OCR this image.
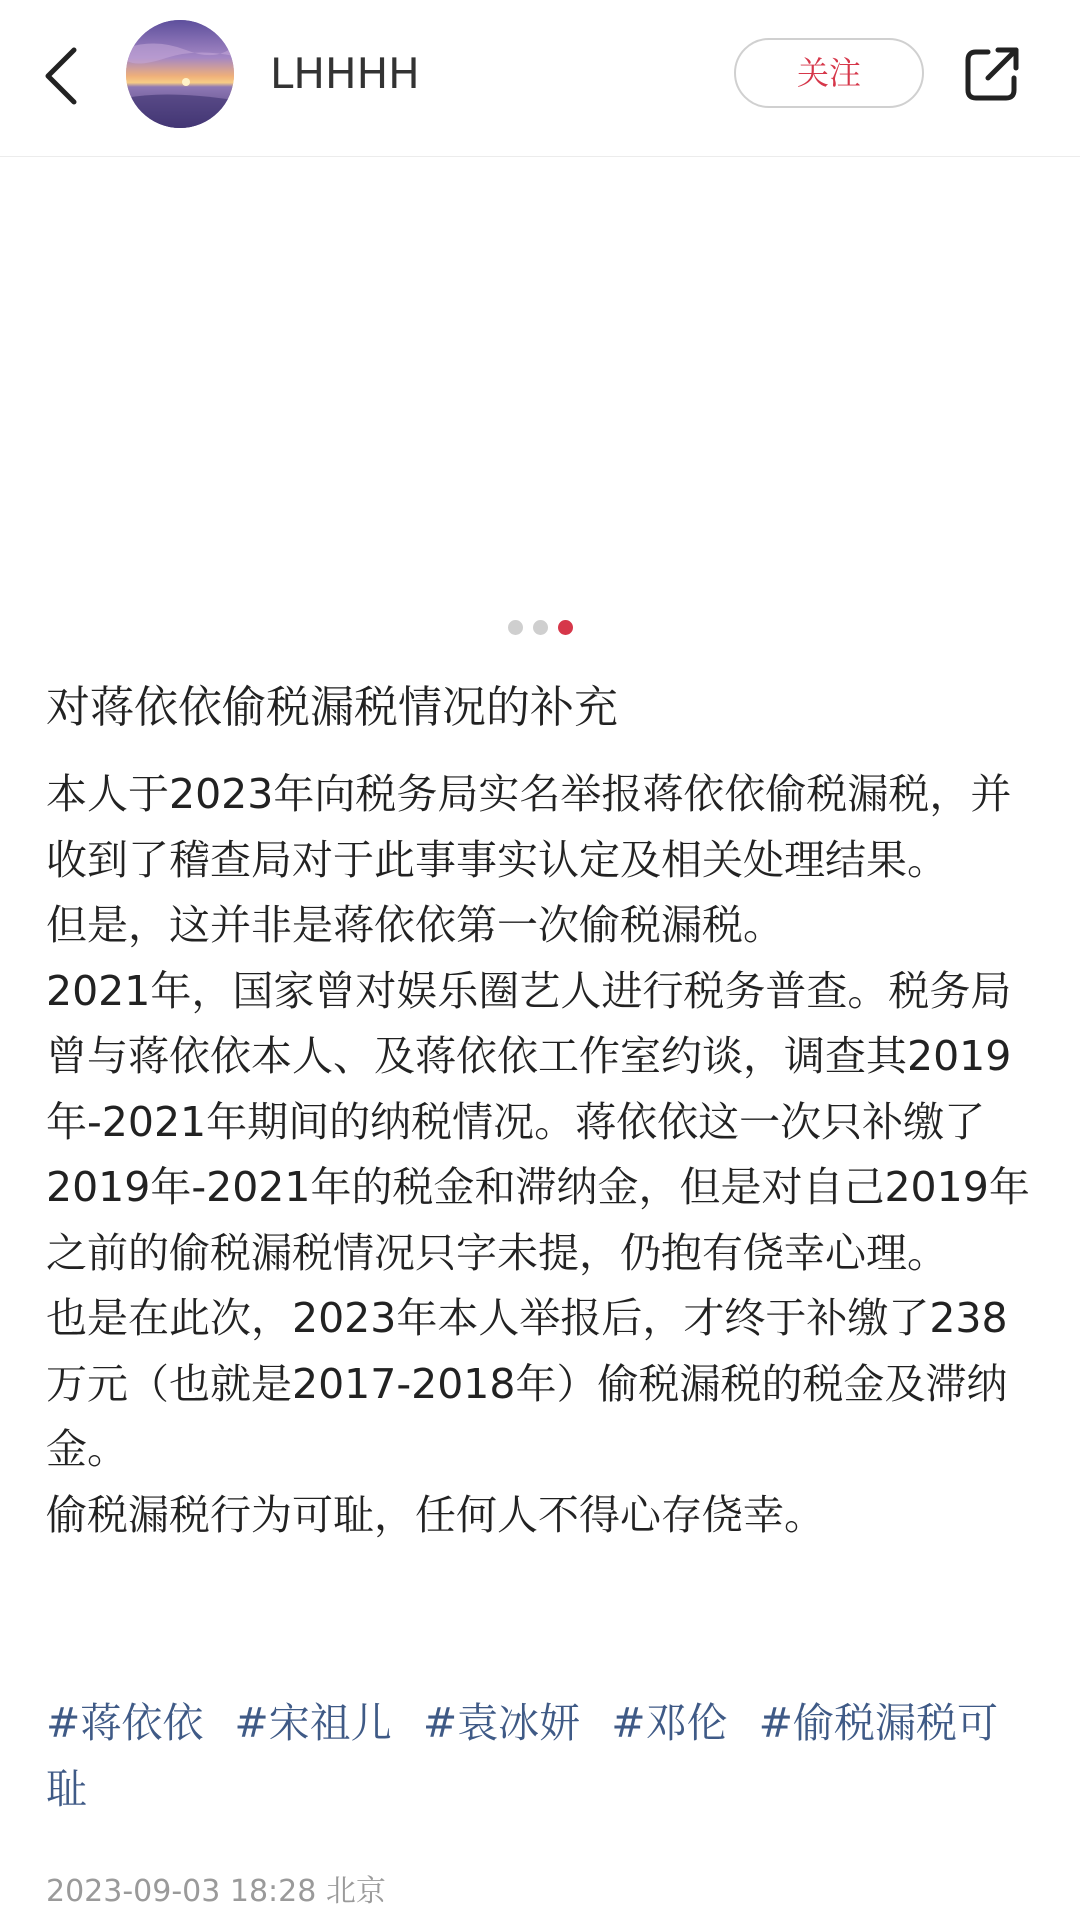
LHHHH	关注
对蒋依依偷税漏税情况的补充

本人于2023年向税务局实名举报蒋依依偷税漏税，并收到了稽查局对于此事事实认定及相关处理结果。

但是，这并非是蒋依依第一次偷税漏税。

2021年，国家曾对娱乐圈艺人进行税务普查。税务局曾与蒋依依本人、及蒋依依工作室约谈，调查其2019年-2021年期间的纳税情况。蒋依依这一次只补缴了2019年-2021年的税金和滞纳金，但是对自己2019年之前的偷税漏税情况只字未提，仍抱有侥幸心理。

也是在此次，2023年本人举报后，才终于补缴了238万元（也就是2017-2018年）偷税漏税的税金及滞纳金。

偷税漏税行为可耻，任何人不得心存侥幸。

#蒋依依 #宋祖儿 #袁冰妍 #邓伦 #偷税漏税可耻
2023-09-03 18:28 北京
